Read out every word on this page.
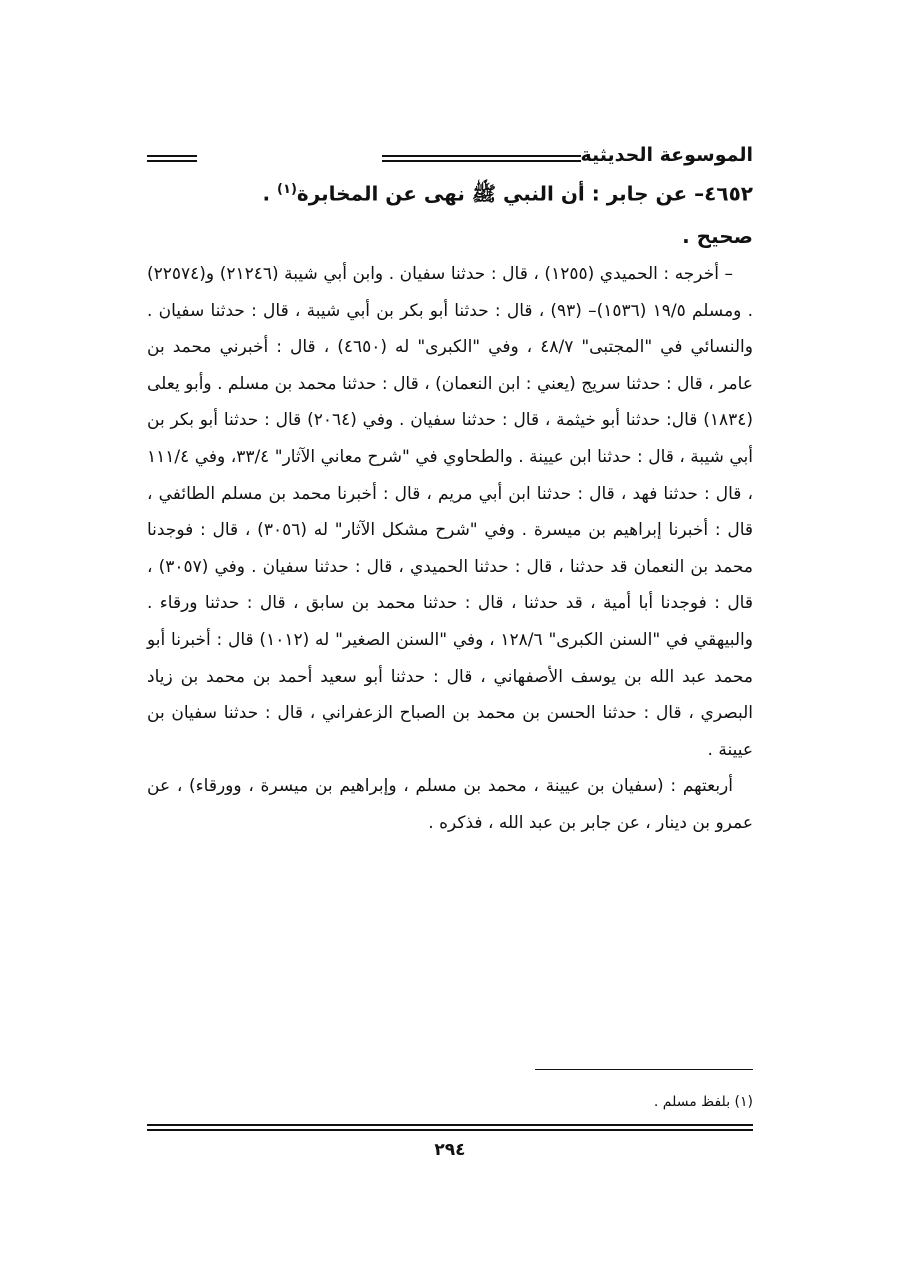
الموسوعة الحديثية
٤٦٥٢– عن جابر : أن النبي ﷺ نهى عن المخابرة$^{(١)}$ .
صحيح .

– أخرجه : الحميدي (١٢٥٥) ، قال : حدثنا سفيان . وابن أبي شيبة (٢١٢٤٦) و(٢٢٥٧٤) . ومسلم ١٩/٥ (١٥٣٦)– (٩٣) ، قال : حدثنا أبو بكر بن أبي شيبة ، قال : حدثنا سفيان . والنسائي في "المجتبى" ٤٨/٧ ، وفي "الكبرى" له (٤٦٥٠) ، قال : أخبرني محمد بن عامر ، قال : حدثنا سريج (يعني : ابن النعمان) ، قال : حدثنا محمد بن مسلم . وأبو يعلى (١٨٣٤) قال: حدثنا أبو خيثمة ، قال : حدثنا سفيان . وفي (٢٠٦٤) قال : حدثنا أبو بكر بن أبي شيبة ، قال : حدثنا ابن عيينة . والطحاوي في "شرح معاني الآثار" ٣٣/٤، وفي ١١١/٤ ، قال : حدثنا فهد ، قال : حدثنا ابن أبي مريم ، قال : أخبرنا محمد بن مسلم الطائفي ، قال : أخبرنا إبراهيم بن ميسرة . وفي "شرح مشكل الآثار" له (٣٠٥٦) ، قال : فوجدنا محمد بن النعمان قد حدثنا ، قال : حدثنا الحميدي ، قال : حدثنا سفيان . وفي (٣٠٥٧) ، قال : فوجدنا أبا أمية ، قد حدثنا ، قال : حدثنا محمد بن سابق ، قال : حدثنا ورقاء . والبيهقي في "السنن الكبرى" ١٢٨/٦ ، وفي "السنن الصغير" له (١٠١٢) قال : أخبرنا أبو محمد عبد الله بن يوسف الأصفهاني ، قال : حدثنا أبو سعيد أحمد بن محمد بن زياد البصري ، قال : حدثنا الحسن بن محمد بن الصباح الزعفراني ، قال : حدثنا سفيان بن عيينة .

أربعتهم : (سفيان بن عيينة ، محمد بن مسلم ، وإبراهيم بن ميسرة ، وورقاء) ، عن عمرو بن دينار ، عن جابر بن عبد الله ، فذكره .

(١) بلفظ مسلم .
٢٩٤
